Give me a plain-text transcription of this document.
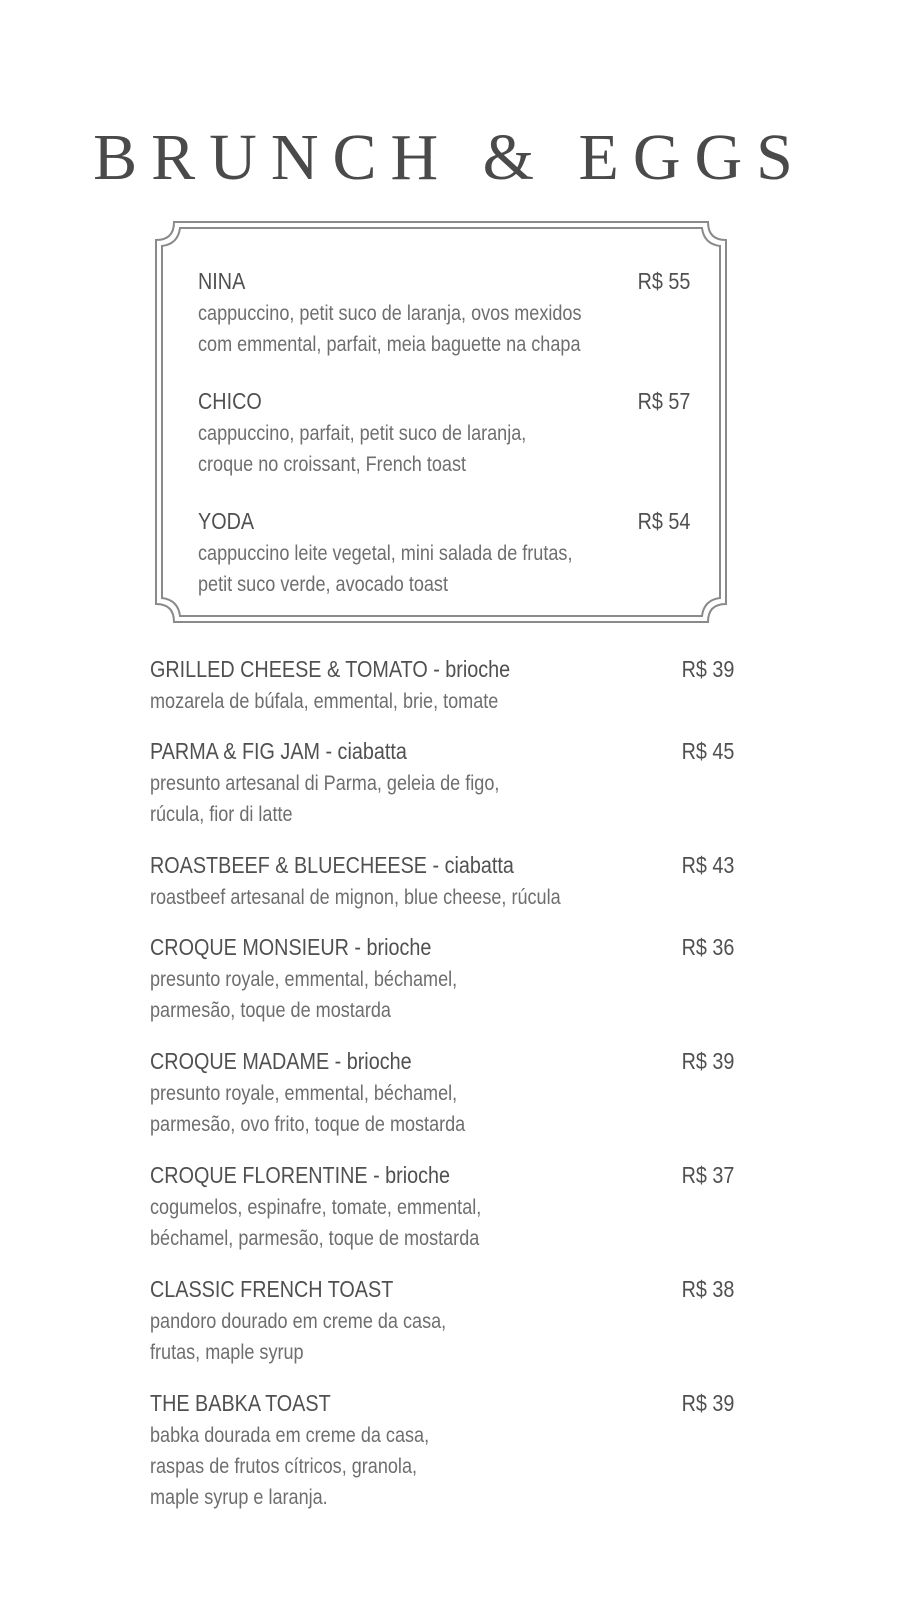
BRUNCH & EGGS
NINA	R$ 55
cappuccino, petit suco de laranja, ovos mexidos
com emmental, parfait, meia baguette na chapa
CHICO	R$ 57
cappuccino, parfait, petit suco de laranja,
croque no croissant, French toast
YODA	R$ 54
cappuccino leite vegetal, mini salada de frutas,
petit suco verde, avocado toast
GRILLED CHEESE & TOMATO - brioche	R$ 39
mozarela de búfala, emmental, brie, tomate
PARMA & FIG JAM - ciabatta	R$ 45
presunto artesanal di Parma, geleia de figo,
rúcula, fior di latte
ROASTBEEF & BLUECHEESE - ciabatta	R$ 43
roastbeef artesanal de mignon, blue cheese, rúcula
CROQUE MONSIEUR - brioche	R$ 36
presunto royale, emmental, béchamel,
parmesão, toque de mostarda
CROQUE MADAME - brioche	R$ 39
presunto royale, emmental, béchamel,
parmesão, ovo frito, toque de mostarda
CROQUE FLORENTINE - brioche	R$ 37
cogumelos, espinafre, tomate, emmental,
béchamel, parmesão, toque de mostarda
CLASSIC FRENCH TOAST	R$ 38
pandoro dourado em creme da casa,
frutas, maple syrup
THE BABKA TOAST	R$ 39
babka dourada em creme da casa,
raspas de frutos cítricos, granola,
maple syrup e laranja.
